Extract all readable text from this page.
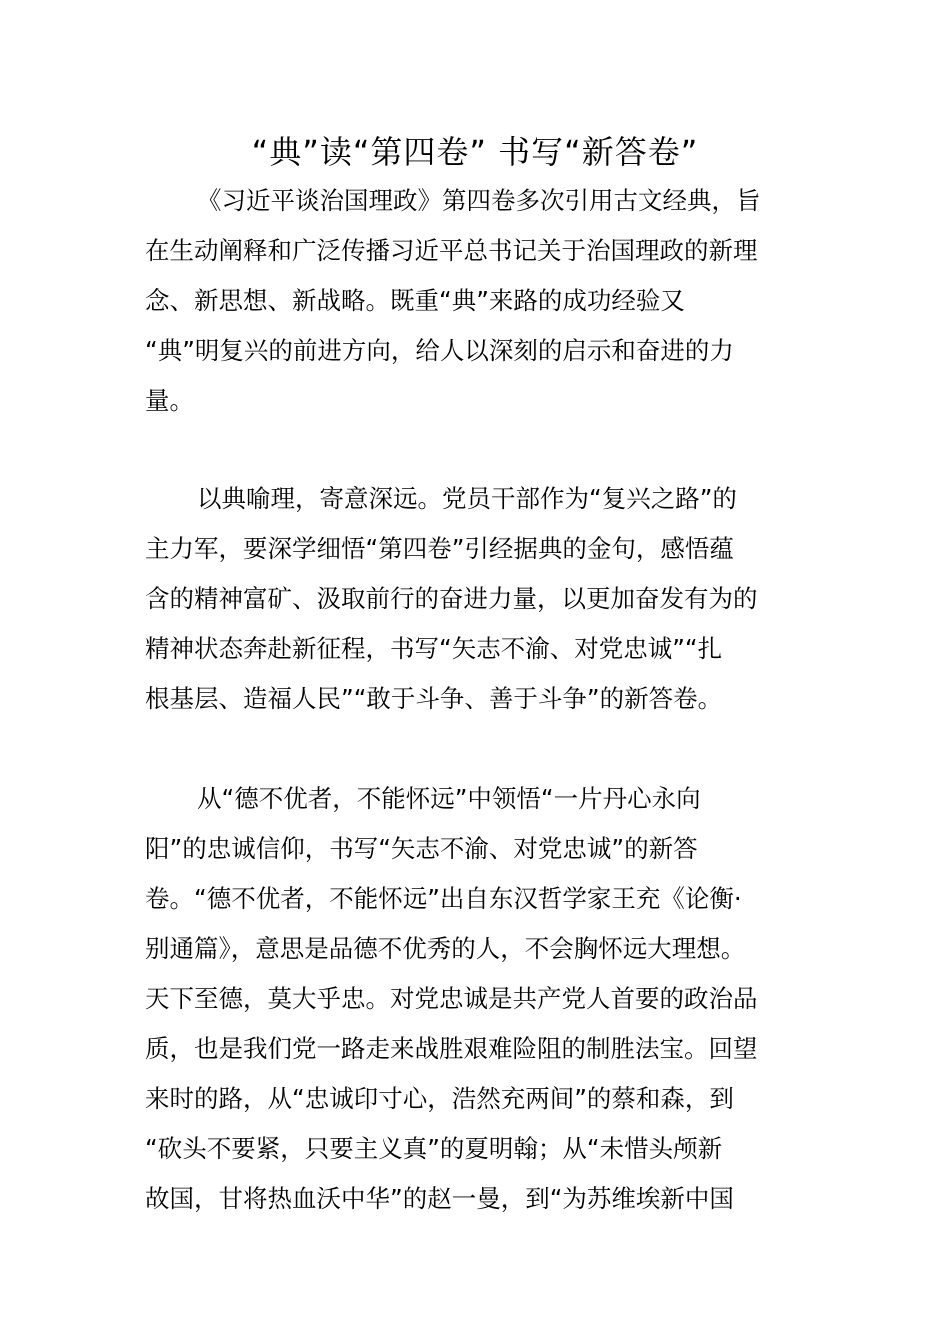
“典”读“第四卷” 书写“新答卷”
《习近平谈治国理政》第四卷多次引用古文经典，旨
在生动阐释和广泛传播习近平总书记关于治国理政的新理
念、新思想、新战略。既重“典”来路的成功经验又
“典”明复兴的前进方向，给人以深刻的启示和奋进的力
量。
以典喻理，寄意深远。党员干部作为“复兴之路”的
主力军，要深学细悟“第四卷”引经据典的金句，感悟蕴
含的精神富矿、汲取前行的奋进力量，以更加奋发有为的
精神状态奔赴新征程，书写“矢志不渝、对党忠诚”“扎
根基层、造福人民”“敢于斗争、善于斗争”的新答卷。
从“德不优者，不能怀远”中领悟“一片丹心永向
阳”的忠诚信仰，书写“矢志不渝、对党忠诚”的新答
卷。“德不优者，不能怀远”出自东汉哲学家王充《论衡·
别通篇》，意思是品德不优秀的人，不会胸怀远大理想。
天下至德，莫大乎忠。对党忠诚是共产党人首要的政治品
质，也是我们党一路走来战胜艰难险阻的制胜法宝。回望
来时的路，从“忠诚印寸心，浩然充两间”的蔡和森，到
“砍头不要紧，只要主义真”的夏明翰；从“未惜头颅新
故国，甘将热血沃中华”的赵一曼，到“为苏维埃新中国
